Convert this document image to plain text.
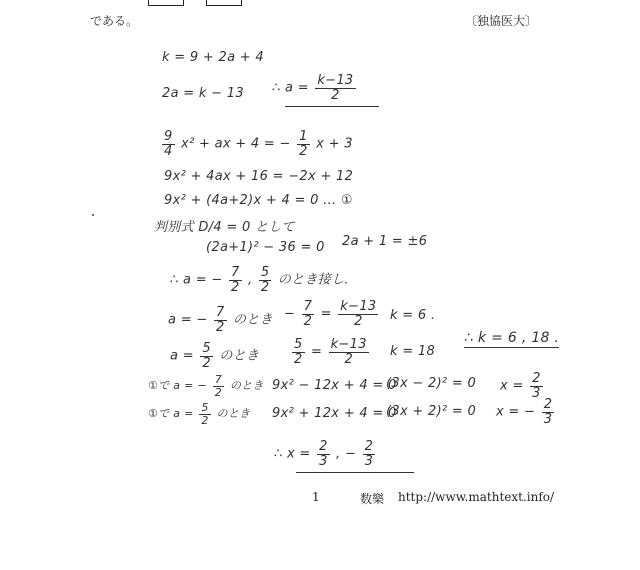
である。	〔独協医大〕
k = 9 + 2a + 4
2a = k − 13 ∴ $a = \frac{k-13}{2}$
$\frac{9}{4} x^2$ + ax + 4 = − $\frac{1}{2}$ x + 3
9x² + 4ax + 16 = −2x + 12
9x² + (4a+2)x + 4 = 0 … ①
判別式 D/4 = 0 として
(2a+1)² − 36 = 0 2a + 1 = ±6
∴ a = − $\frac{7}{2}$ , $\frac{5}{2}$ のとき接し.
a = − $\frac{7}{2}$ のとき − $\frac{7}{2} = \frac{k-13}{2}$ k = 6 .
$a = \frac{5}{2}$ のとき	$\frac{5}{2} = \frac{k-13}{2}$ k = 18
∴ k = 6 , 18 .
①で a = − $\frac{7}{2}$ のとき 9x² − 12x + 4 = 0
(3x − 2)² = 0 $x = \frac{2}{3}$
①で $a = \frac{5}{2}$ のとき 9x² + 12x + 4 = 0
(3x + 2)² = 0 x = − $\frac{2}{3}$
∴ $x = \frac{2}{3}$ , − $\frac{2}{3}$
1	数樂 http://www.mathtext.info/
